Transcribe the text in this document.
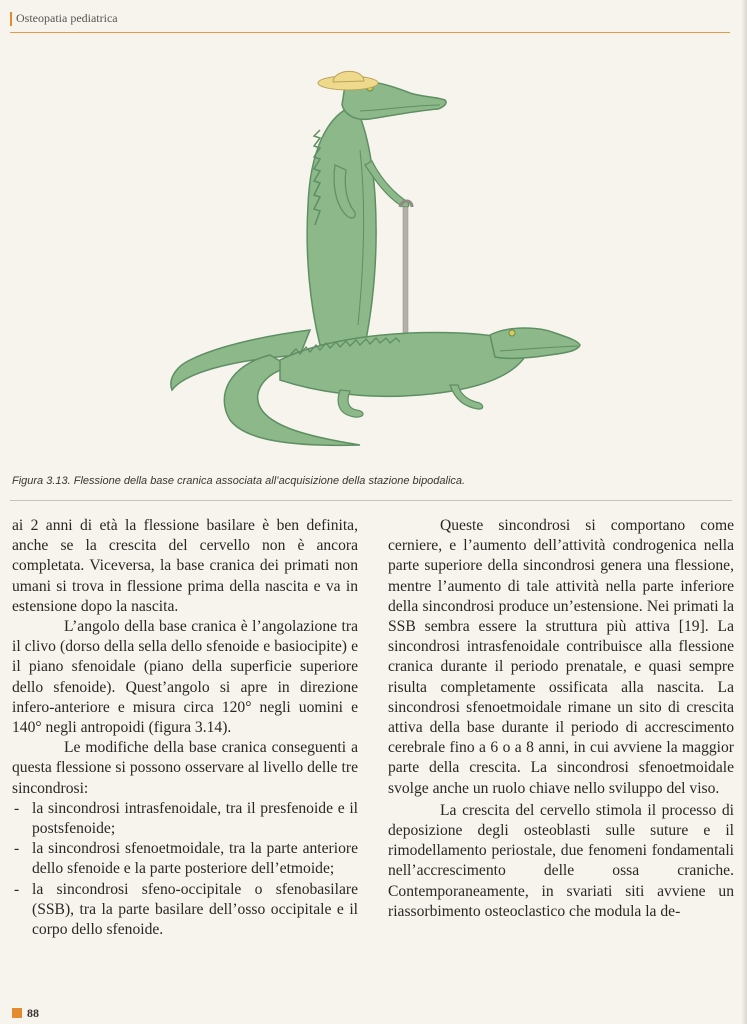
Osteopatia pediatrica
Figura 3.13. Flessione della base cranica associata all’acquisizione della stazione bipodalica.

ai 2 anni di età la flessione basilare è ben definita, anche se la crescita del cervello non è ancora completata. Viceversa, la base cranica dei primati non umani si trova in flessione prima della nascita e va in estensione dopo la nascita.

L’angolo della base cranica è l’angolazione tra il clivo (dorso della sella dello sfenoide e basiocipite) e il piano sfenoidale (piano della superficie superiore dello sfenoide). Quest’angolo si apre in direzione infero-anteriore e misura circa 120° negli uomini e 140° negli antropoidi (figura 3.14).

Le modifiche della base cranica conseguenti a questa flessione si possono osservare al livello delle tre sincondrosi:

- la sincondrosi intrasfenoidale, tra il presfenoide e il postsfenoide;
- la sincondrosi sfenoetmoidale, tra la parte anteriore dello sfenoide e la parte posteriore dell’etmoide;
- la sincondrosi sfeno-occipitale o sfenobasilare (SSB), tra la parte basilare dell’osso occipitale e il corpo dello sfenoide.

Queste sincondrosi si comportano come cerniere, e l’aumento dell’attività condrogenica nella parte superiore della sincondrosi genera una flessione, mentre l’aumento di tale attività nella parte inferiore della sincondrosi produce un’estensione. Nei primati la SSB sembra essere la struttura più attiva [19]. La sincondrosi intrasfenoidale contribuisce alla flessione cranica durante il periodo prenatale, e quasi sempre risulta completamente ossificata alla nascita. La sincondrosi sfenoetmoidale rimane un sito di crescita attiva della base durante il periodo di accrescimento cerebrale fino a 6 o a 8 anni, in cui avviene la maggior parte della crescita. La sincondrosi sfenoetmoidale svolge anche un ruolo chiave nello sviluppo del viso.

La crescita del cervello stimola il processo di deposizione degli osteoblasti sulle suture e il rimodellamento periostale, due fenomeni fondamentali nell’accrescimento delle ossa craniche. Contemporaneamente, in svariati siti avviene un riassorbimento osteoclastico che modula la de-

88
